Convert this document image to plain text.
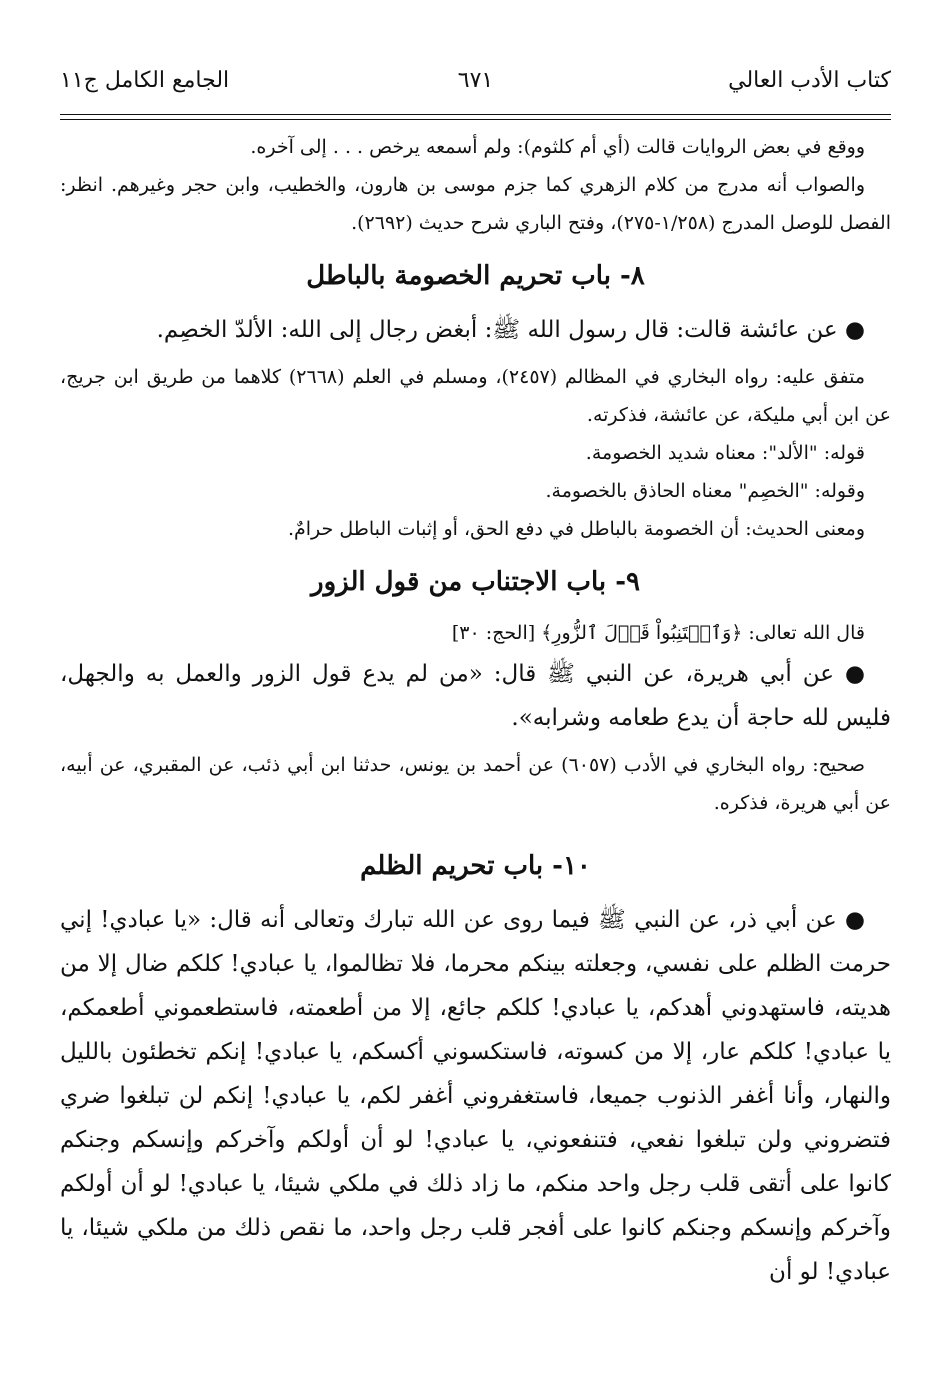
كتاب الأدب العالي
٦٧١
الجامع الكامل ج١١

ووقع في بعض الروايات قالت (أي أم كلثوم): ولم أسمعه يرخص . . . إلى آخره.

والصواب أنه مدرج من كلام الزهري كما جزم موسى بن هارون، والخطيب، وابن حجر وغيرهم. انظر: الفصل للوصل المدرج (١/٢٥٨-٢٧٥)، وفتح الباري شرح حديث (٢٦٩٢).

٨- باب تحريم الخصومة بالباطل

● عن عائشة قالت: قال رسول الله ﷺ: أبغض رجال إلى الله: الألدّ الخصِم.

متفق عليه: رواه البخاري في المظالم (٢٤٥٧)، ومسلم في العلم (٢٦٦٨) كلاهما من طريق ابن جريج، عن ابن أبي مليكة، عن عائشة، فذكرته.

قوله: "الألد": معناه شديد الخصومة.

وقوله: "الخصِم" معناه الحاذق بالخصومة.

ومعنى الحديث: أن الخصومة بالباطل في دفع الحق، أو إثبات الباطل حرامٌ.

٩- باب الاجتناب من قول الزور

قال الله تعالى: ﴿وَٱجۡتَنِبُواْ قَوۡلَ ٱلزُّورِ﴾ [الحج: ٣٠]

● عن أبي هريرة، عن النبي ﷺ قال: «من لم يدع قول الزور والعمل به والجهل، فليس لله حاجة أن يدع طعامه وشرابه».

صحيح: رواه البخاري في الأدب (٦٠٥٧) عن أحمد بن يونس، حدثنا ابن أبي ذئب، عن المقبري، عن أبيه، عن أبي هريرة، فذكره.

١٠- باب تحريم الظلم

● عن أبي ذر، عن النبي ﷺ فيما روى عن الله تبارك وتعالى أنه قال: «يا عبادي! إني حرمت الظلم على نفسي، وجعلته بينكم محرما، فلا تظالموا، يا عبادي! كلكم ضال إلا من هديته، فاستهدوني أهدكم، يا عبادي! كلكم جائع، إلا من أطعمته، فاستطعموني أطعمكم، يا عبادي! كلكم عار، إلا من كسوته، فاستكسوني أكسكم، يا عبادي! إنكم تخطئون بالليل والنهار، وأنا أغفر الذنوب جميعا، فاستغفروني أغفر لكم، يا عبادي! إنكم لن تبلغوا ضري فتضروني ولن تبلغوا نفعي، فتنفعوني، يا عبادي! لو أن أولكم وآخركم وإنسكم وجنكم كانوا على أتقى قلب رجل واحد منكم، ما زاد ذلك في ملكي شيئا، يا عبادي! لو أن أولكم وآخركم وإنسكم وجنكم كانوا على أفجر قلب رجل واحد، ما نقص ذلك من ملكي شيئا، يا عبادي! لو أن
